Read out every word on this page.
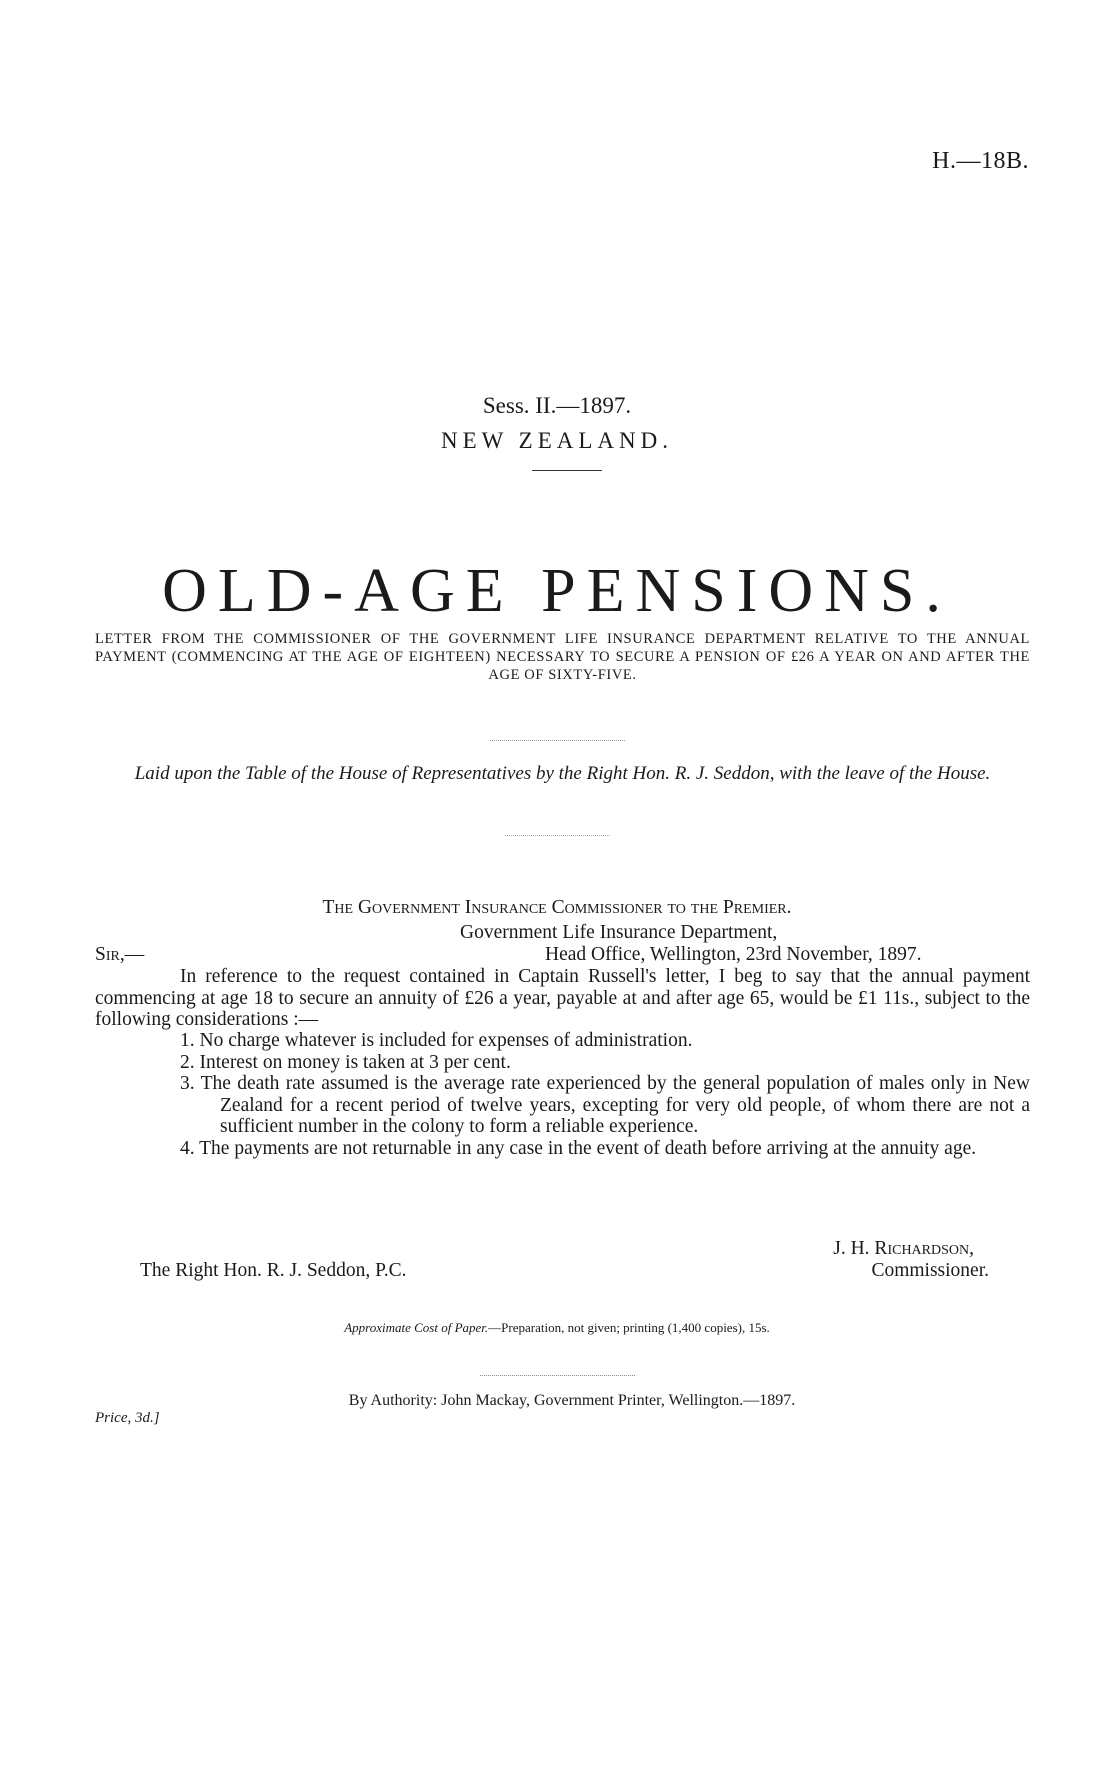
H.—18B.
Sess. II.—1897.
NEW ZEALAND.
OLD-AGE PENSIONS.
LETTER FROM THE COMMISSIONER OF THE GOVERNMENT LIFE INSURANCE DEPARTMENT RELATIVE TO THE ANNUAL PAYMENT (COMMENCING AT THE AGE OF EIGHTEEN) NECESSARY TO SECURE A PENSION OF £26 A YEAR ON AND AFTER THE AGE OF SIXTY-FIVE.
Laid upon the Table of the House of Representatives by the Right Hon. R. J. Seddon, with the leave of the House.
The Government Insurance Commissioner to the Premier.
Government Life Insurance Department,
Sir,—	Head Office, Wellington, 23rd November, 1897.
In reference to the request contained in Captain Russell's letter, I beg to say that the annual payment commencing at age 18 to secure an annuity of £26 a year, payable at and after age 65, would be £1 11s., subject to the following considerations :—
1. No charge whatever is included for expenses of administration.
2. Interest on money is taken at 3 per cent.
3. The death rate assumed is the average rate experienced by the general population of males only in New Zealand for a recent period of twelve years, excepting for very old people, of whom there are not a sufficient number in the colony to form a reliable experience.
4. The payments are not returnable in any case in the event of death before arriving at the annuity age.
J. H. Richardson,
The Right Hon. R. J. Seddon, P.C.	Commissioner.
Approximate Cost of Paper.—Preparation, not given; printing (1,400 copies), 15s.
By Authority: John Mackay, Government Printer, Wellington.—1897.
Price, 3d.]
